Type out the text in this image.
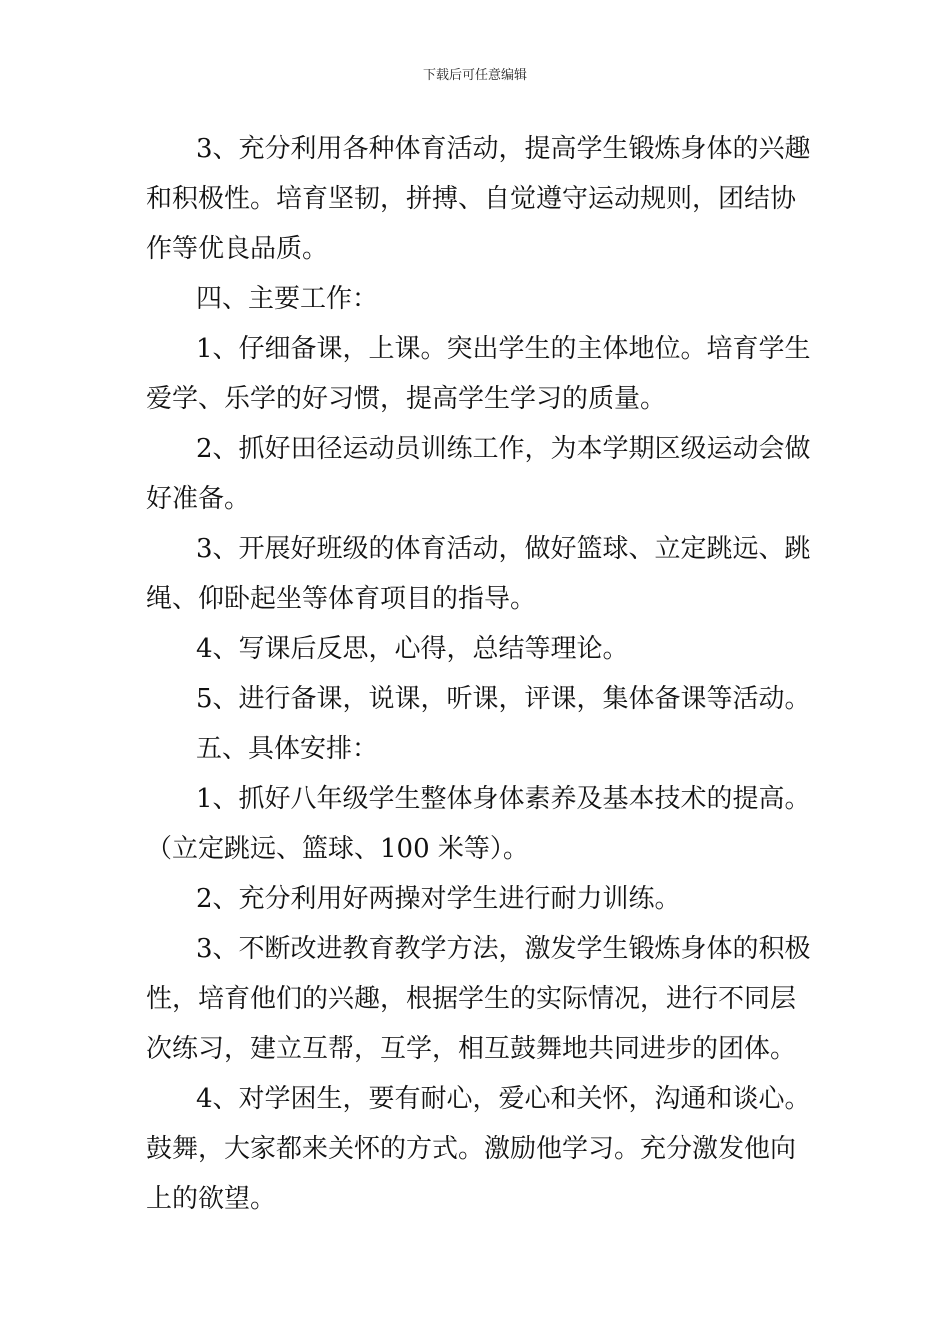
下载后可任意编辑
3、充分利用各种体育活动，提高学生锻炼身体的兴趣
和积极性。培育坚韧，拼搏、自觉遵守运动规则，团结协
作等优良品质。
四、主要工作：
1、仔细备课，上课。突出学生的主体地位。培育学生
爱学、乐学的好习惯，提高学生学习的质量。
2、抓好田径运动员训练工作，为本学期区级运动会做
好准备。
3、开展好班级的体育活动，做好篮球、立定跳远、跳
绳、仰卧起坐等体育项目的指导。
4、写课后反思，心得，总结等理论。
5、进行备课，说课，听课，评课，集体备课等活动。
五、具体安排：
1、抓好八年级学生整体身体素养及基本技术的提高。
（立定跳远、篮球、100 米等）。
2、充分利用好两操对学生进行耐力训练。
3、不断改进教育教学方法，激发学生锻炼身体的积极
性，培育他们的兴趣，根据学生的实际情况，进行不同层
次练习，建立互帮，互学，相互鼓舞地共同进步的团体。
4、对学困生，要有耐心，爱心和关怀，沟通和谈心。
鼓舞，大家都来关怀的方式。激励他学习。充分激发他向
上的欲望。
